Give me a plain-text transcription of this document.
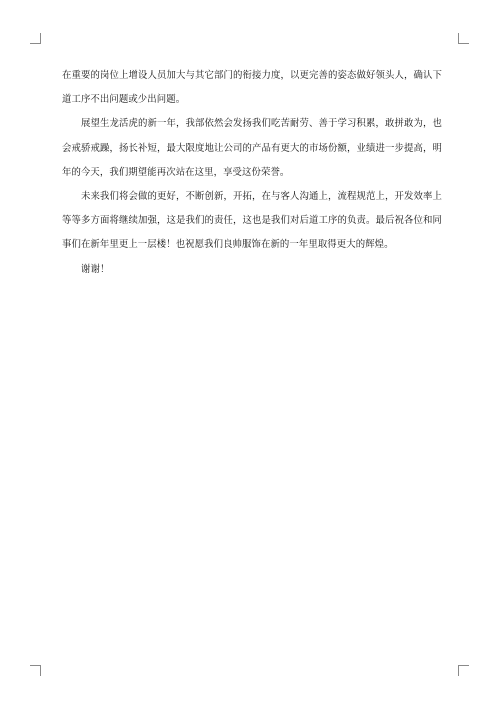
在重要的岗位上增设人员加大与其它部门的衔接力度，以更完善的姿态做好领头人，确认下道工序不出问题或少出问题。

展望生龙活虎的新一年，我部依然会发扬我们吃苦耐劳、善于学习积累，敢拼敢为，也会戒骄戒躁，扬长补短，最大限度地让公司的产品有更大的市场份额，业绩进一步提高，明年的今天，我们期望能再次站在这里，享受这份荣誉。

未来我们将会做的更好，不断创新，开拓，在与客人沟通上，流程规范上，开发效率上等等多方面将继续加强，这是我们的责任，这也是我们对后道工序的负责。最后祝各位和同事们在新年里更上一层楼！也祝愿我们良帅服饰在新的一年里取得更大的辉煌。

谢谢！
